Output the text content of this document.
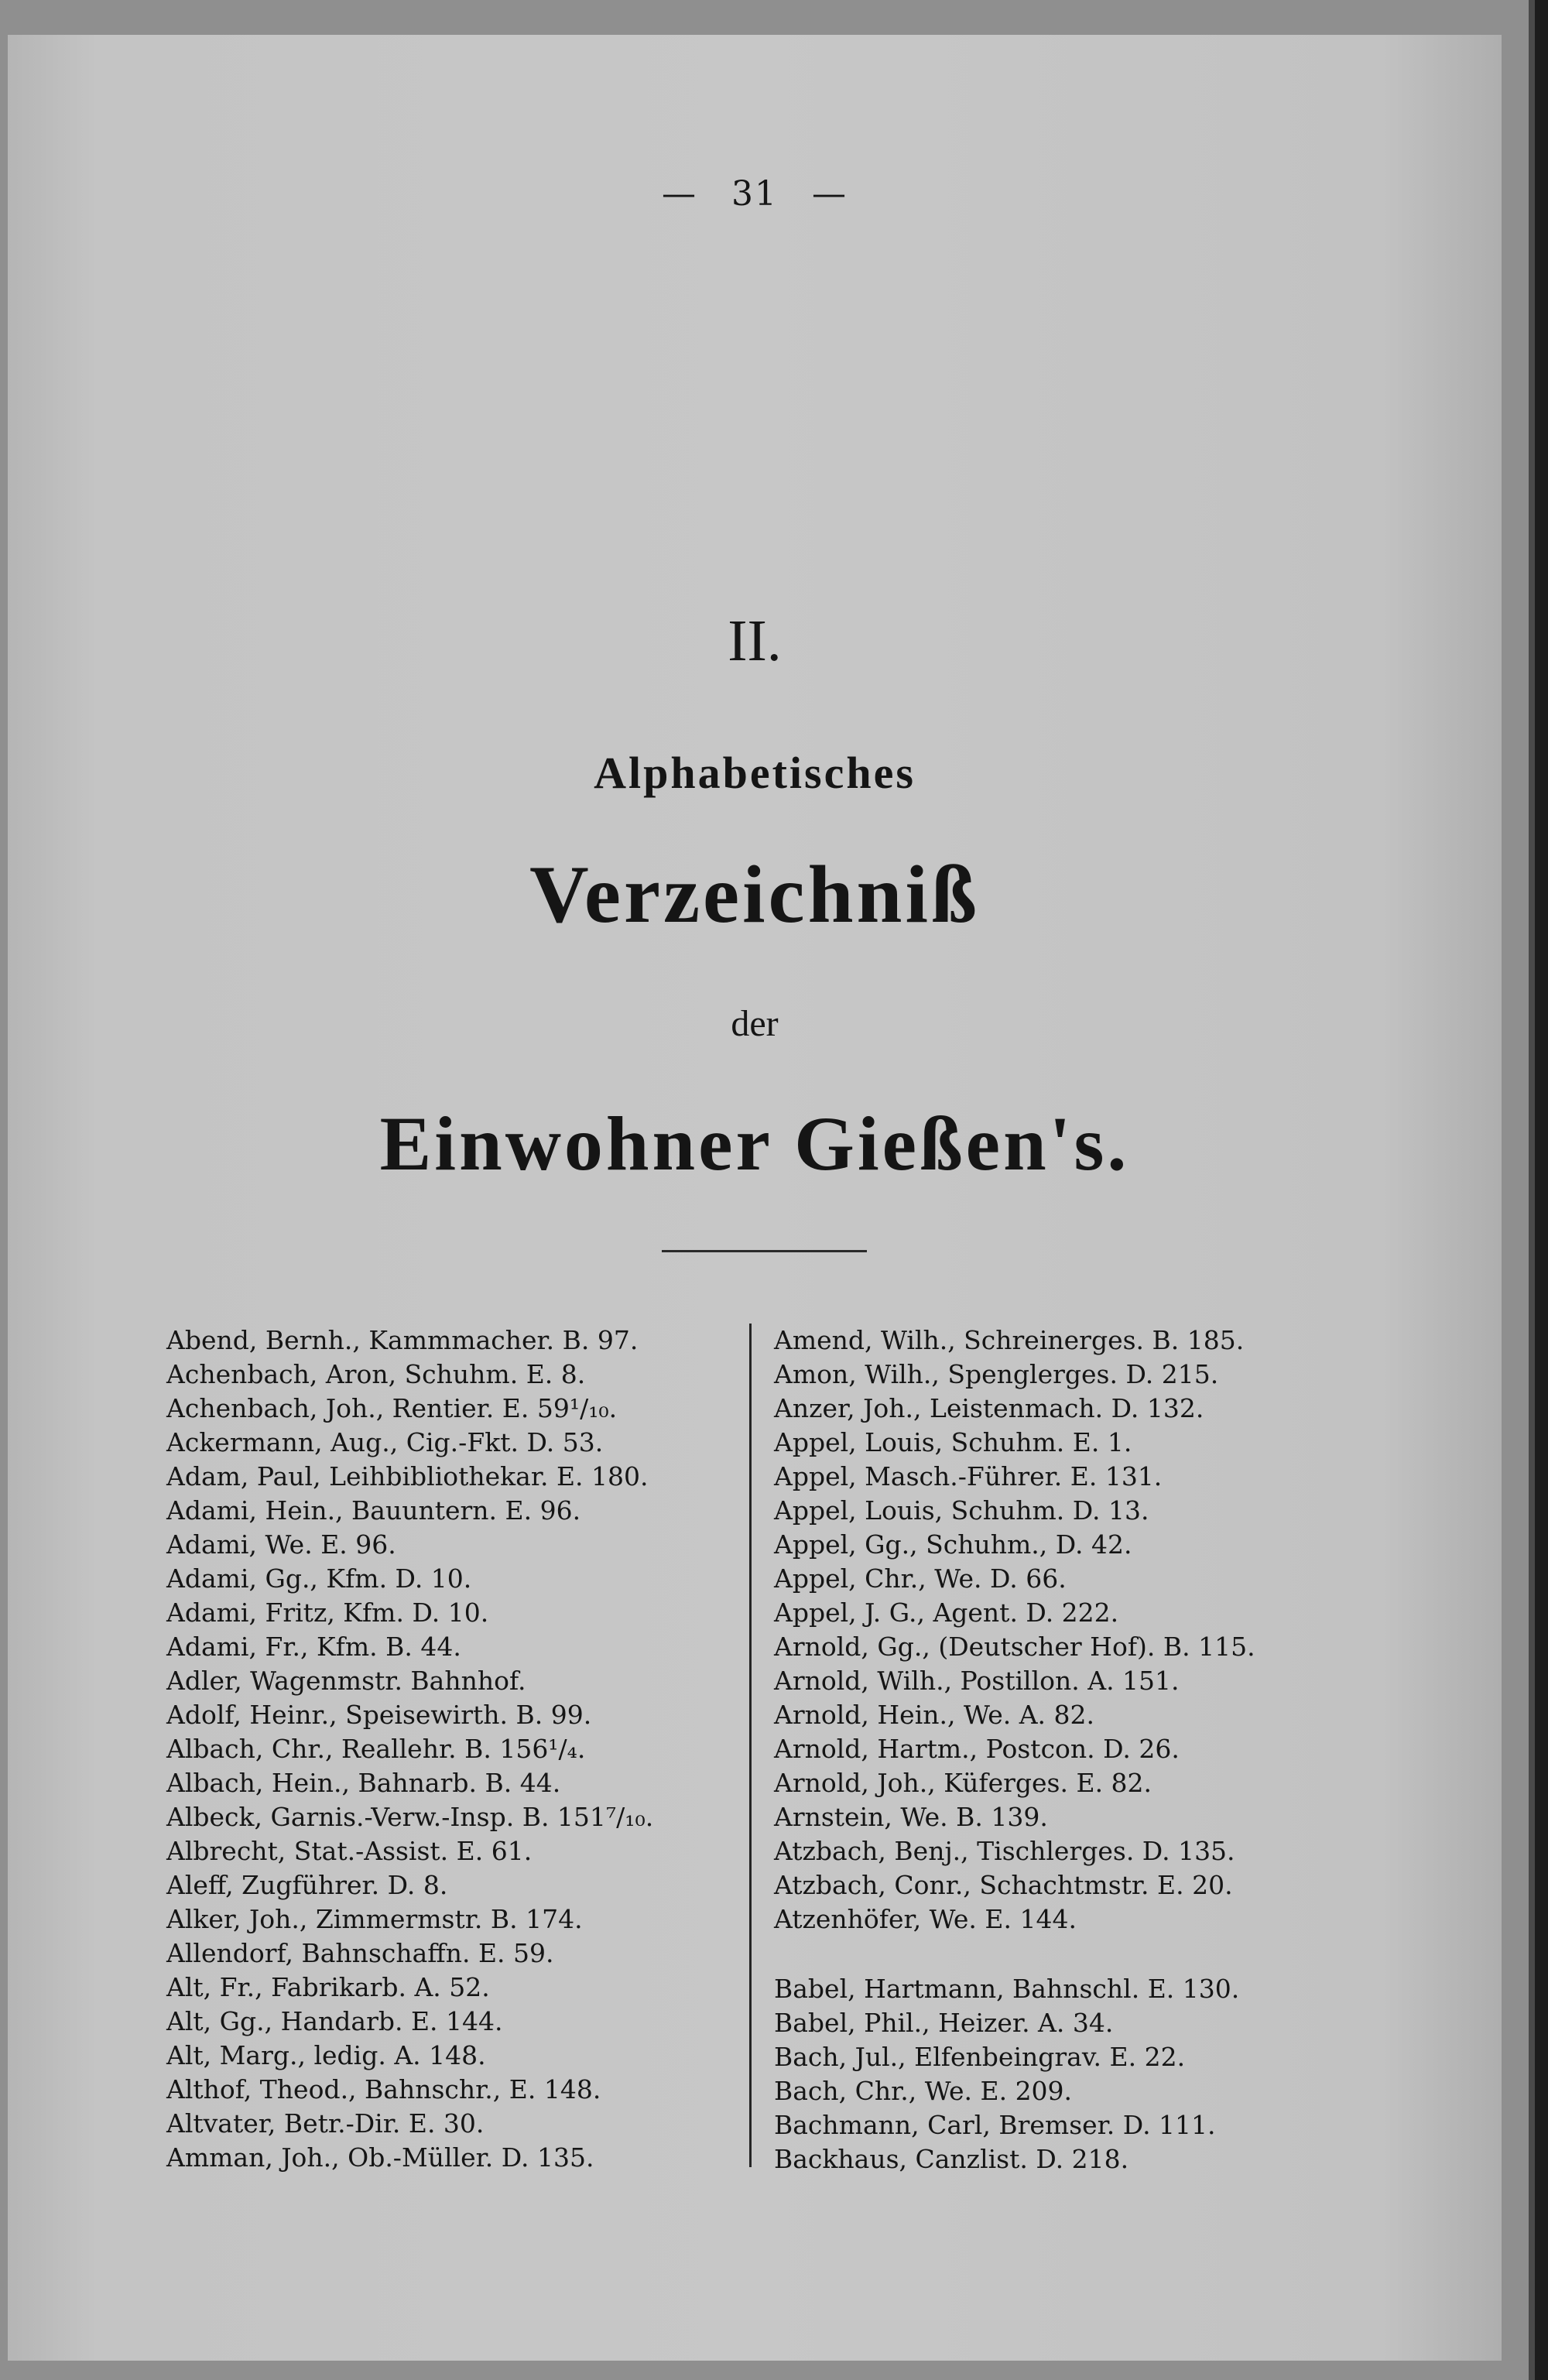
— 31 —
II.
Alphabetisches
Verzeichniß
der
Einwohner Gießen's.
Abend, Bernh., Kammmacher. B. 97.
Achenbach, Aron, Schuhm. E. 8.
Achenbach, Joh., Rentier. E. 59¹/₁₀.
Ackermann, Aug., Cig.-Fkt. D. 53.
Adam, Paul, Leihbibliothekar. E. 180.
Adami, Hein., Bauuntern. E. 96.
Adami, We. E. 96.
Adami, Gg., Kfm. D. 10.
Adami, Fritz, Kfm. D. 10.
Adami, Fr., Kfm. B. 44.
Adler, Wagenmstr. Bahnhof.
Adolf, Heinr., Speisewirth. B. 99.
Albach, Chr., Reallehr. B. 156¹/₄.
Albach, Hein., Bahnarb. B. 44.
Albeck, Garnis.-Verw.-Insp. B. 151⁷/₁₀.
Albrecht, Stat.-Assist. E. 61.
Aleff, Zugführer. D. 8.
Alker, Joh., Zimmermstr. B. 174.
Allendorf, Bahnschaffn. E. 59.
Alt, Fr., Fabrikarb. A. 52.
Alt, Gg., Handarb. E. 144.
Alt, Marg., ledig. A. 148.
Althof, Theod., Bahnschr., E. 148.
Altvater, Betr.-Dir. E. 30.
Amman, Joh., Ob.-Müller. D. 135.
Amend, Wilh., Schreinerges. B. 185.
Amon, Wilh., Spenglerges. D. 215.
Anzer, Joh., Leistenmach. D. 132.
Appel, Louis, Schuhm. E. 1.
Appel, Masch.-Führer. E. 131.
Appel, Louis, Schuhm. D. 13.
Appel, Gg., Schuhm., D. 42.
Appel, Chr., We. D. 66.
Appel, J. G., Agent. D. 222.
Arnold, Gg., (Deutscher Hof). B. 115.
Arnold, Wilh., Postillon. A. 151.
Arnold, Hein., We. A. 82.
Arnold, Hartm., Postcon. D. 26.
Arnold, Joh., Küferges. E. 82.
Arnstein, We. B. 139.
Atzbach, Benj., Tischlerges. D. 135.
Atzbach, Conr., Schachtmstr. E. 20.
Atzenhöfer, We. E. 144.
Babel, Hartmann, Bahnschl. E. 130.
Babel, Phil., Heizer. A. 34.
Bach, Jul., Elfenbeingrav. E. 22.
Bach, Chr., We. E. 209.
Bachmann, Carl, Bremser. D. 111.
Backhaus, Canzlist. D. 218.
